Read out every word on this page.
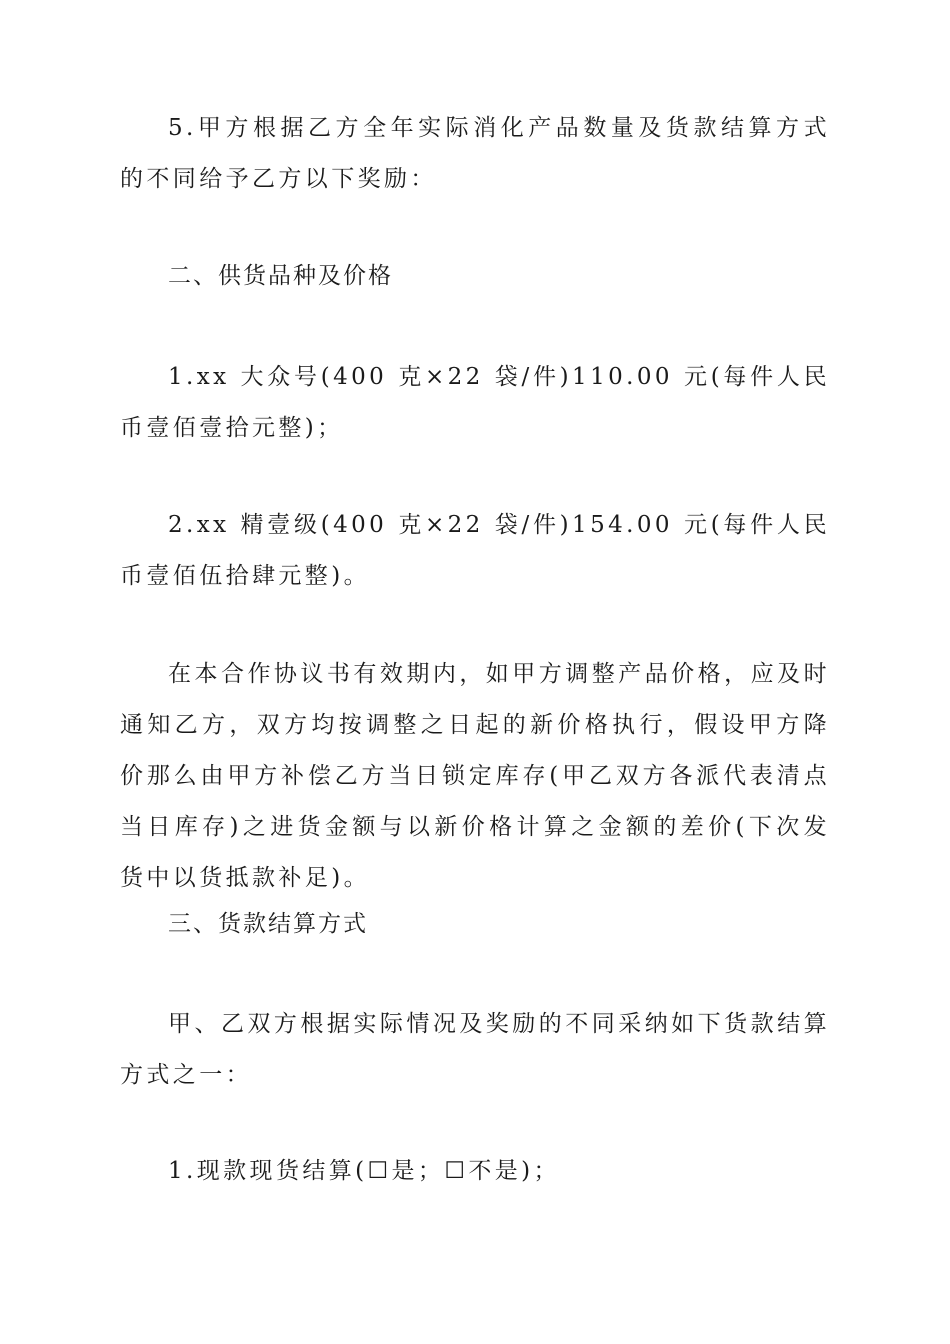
5.甲方根据乙方全年实际消化产品数量及货款结算方式的不同给予乙方以下奖励：

二、供货品种及价格

1.xx 大众号(400 克×22 袋/件)110.00 元(每件人民币壹佰壹拾元整)；

2.xx 精壹级(400 克×22 袋/件)154.00 元(每件人民币壹佰伍拾肆元整)。

在本合作协议书有效期内，如甲方调整产品价格，应及时通知乙方，双方均按调整之日起的新价格执行，假设甲方降价那么由甲方补偿乙方当日锁定库存(甲乙双方各派代表清点当日库存)之进货金额与以新价格计算之金额的差价(下次发货中以货抵款补足)。

三、货款结算方式

甲、乙双方根据实际情况及奖励的不同采纳如下货款结算方式之一：

1.现款现货结算(☐是；☐不是)；
